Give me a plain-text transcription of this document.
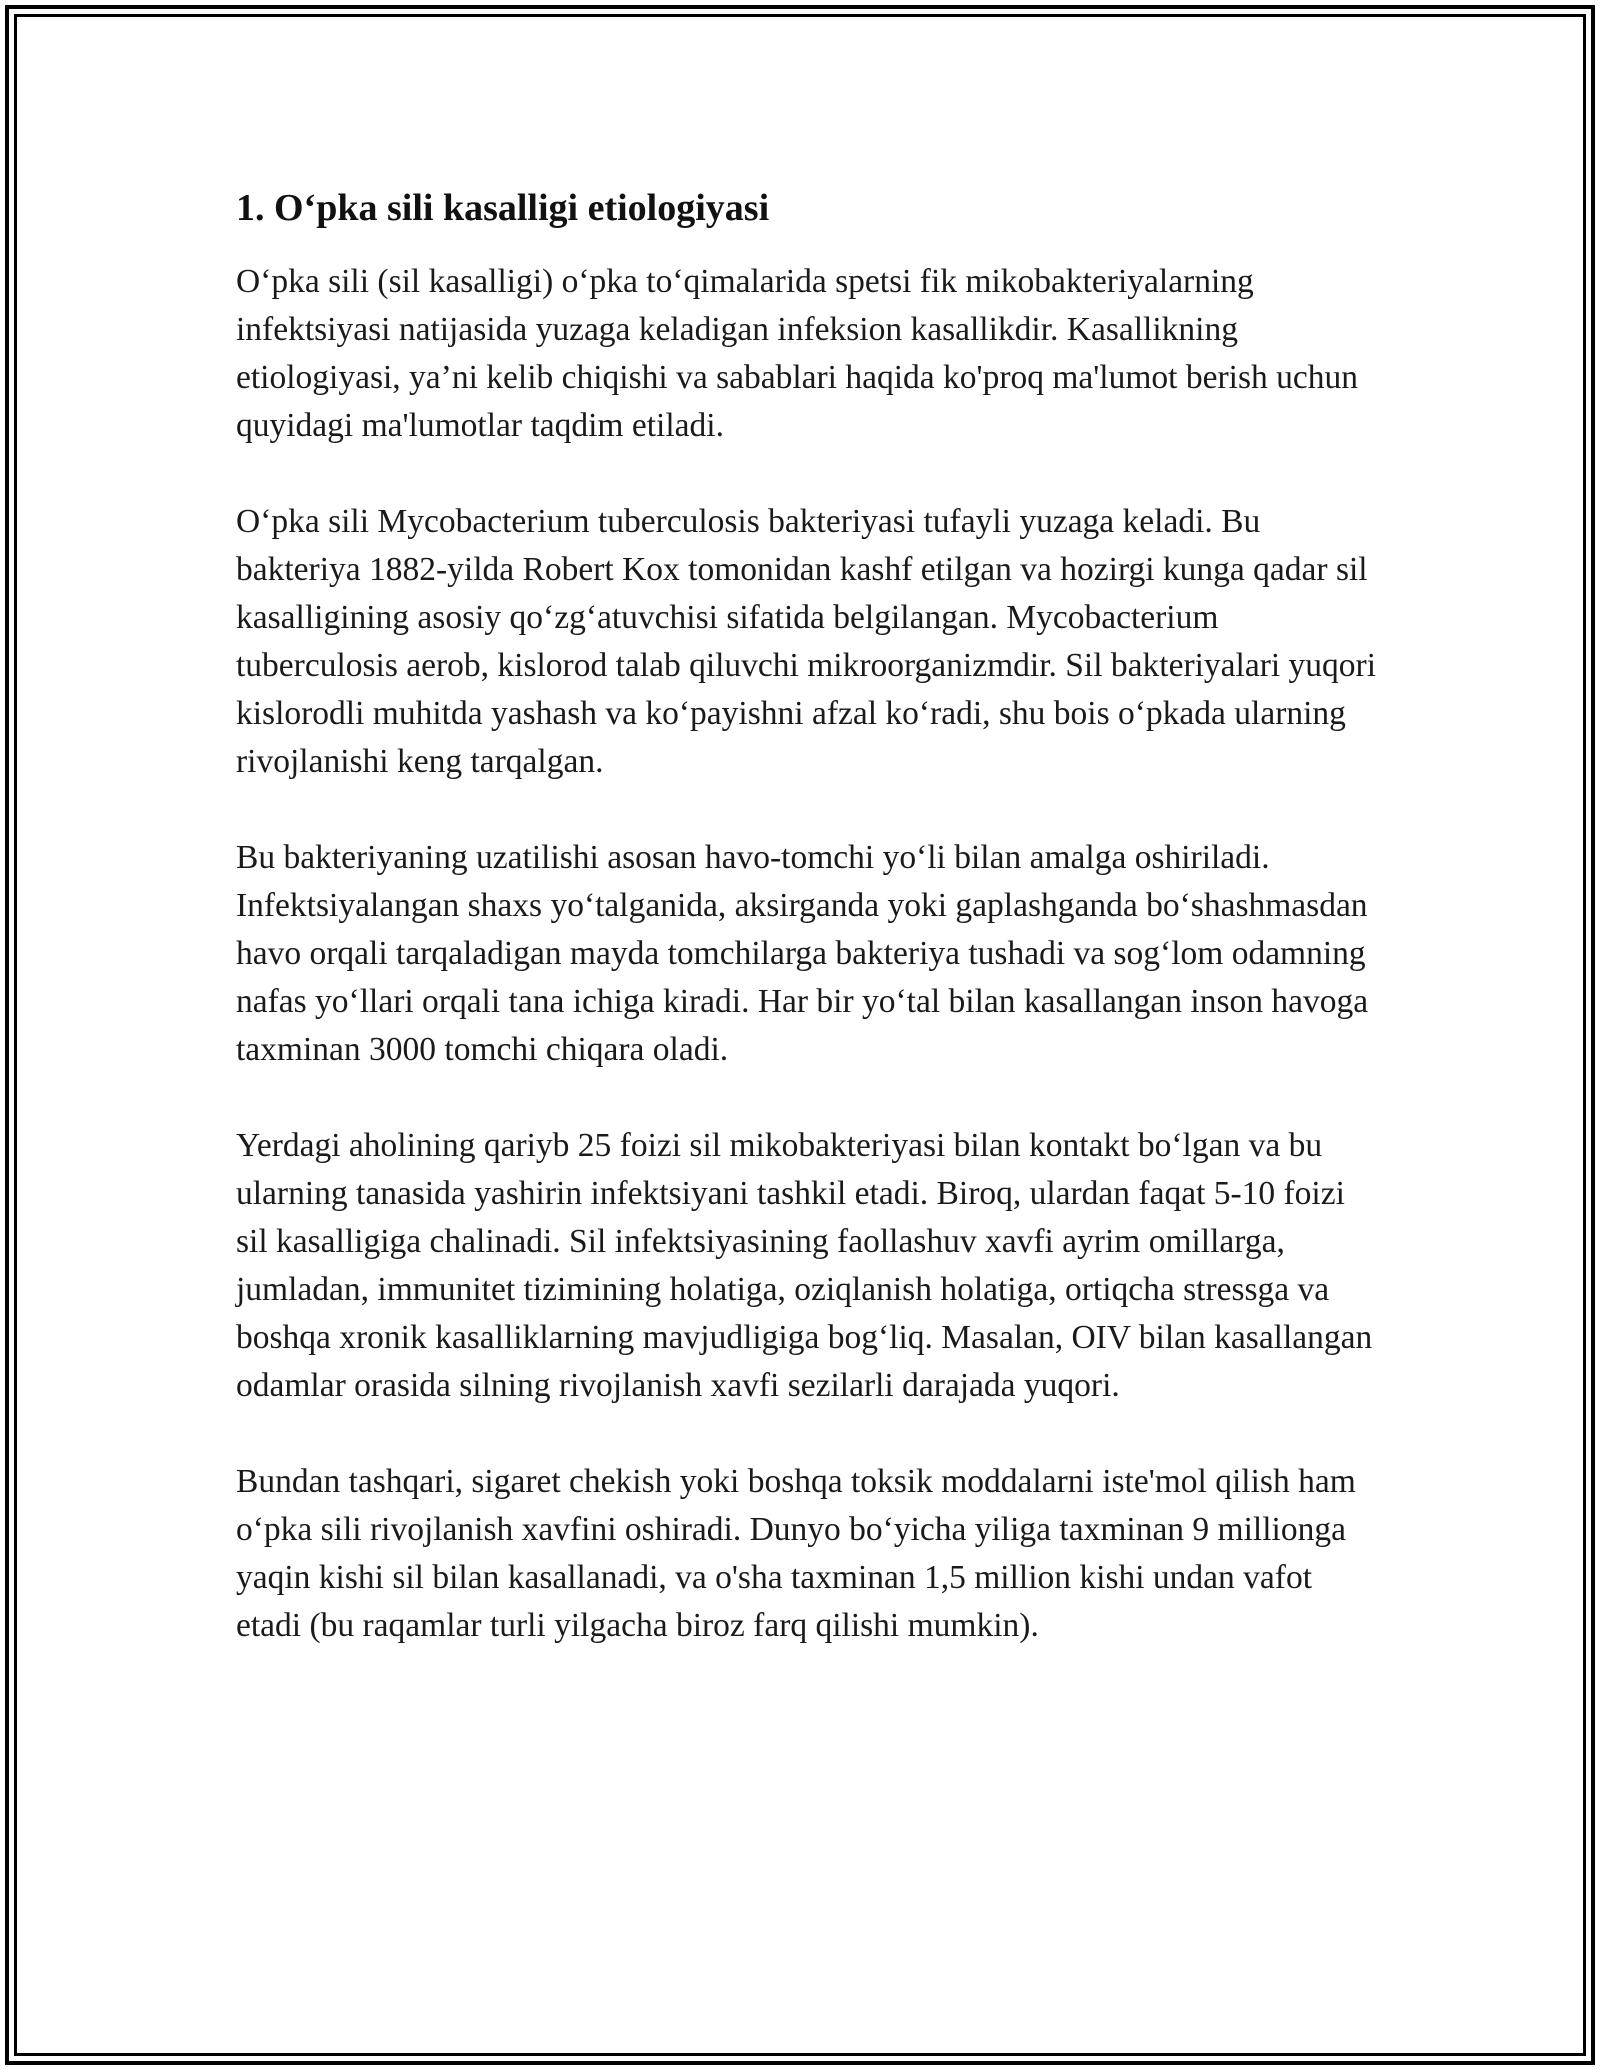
1. O‘pka sili kasalligi etiologiyasi

O‘pka sili (sil kasalligi) o‘pka to‘qimalarida spetsi fik mikobakteriyalarning infektsiyasi natijasida yuzaga keladigan infeksion kasallikdir. Kasallikning etiologiyasi, ya’ni kelib chiqishi va sabablari haqida ko'proq ma'lumot berish uchun quyidagi ma'lumotlar taqdim etiladi.

O‘pka sili Mycobacterium tuberculosis bakteriyasi tufayli yuzaga keladi. Bu bakteriya 1882-yilda Robert Kox tomonidan kashf etilgan va hozirgi kunga qadar sil kasalligining asosiy qo‘zg‘atuvchisi sifatida belgilangan. Mycobacterium tuberculosis aerob, kislorod talab qiluvchi mikroorganizmdir. Sil bakteriyalari yuqori kislorodli muhitda yashash va ko‘payishni afzal ko‘radi, shu bois o‘pkada ularning rivojlanishi keng tarqalgan.

Bu bakteriyaning uzatilishi asosan havo-tomchi yo‘li bilan amalga oshiriladi. Infektsiyalangan shaxs yo‘talganida, aksirganda yoki gaplashganda bo‘shashmasdan havo orqali tarqaladigan mayda tomchilarga bakteriya tushadi va sog‘lom odamning nafas yo‘llari orqali tana ichiga kiradi. Har bir yo‘tal bilan kasallangan inson havoga taxminan 3000 tomchi chiqara oladi.

Yerdagi aholining qariyb 25 foizi sil mikobakteriyasi bilan kontakt bo‘lgan va bu ularning tanasida yashirin infektsiyani tashkil etadi. Biroq, ulardan faqat 5-10 foizi sil kasalligiga chalinadi. Sil infektsiyasining faollashuv xavfi ayrim omillarga, jumladan, immunitet tizimining holatiga, oziqlanish holatiga, ortiqcha stressga va boshqa xronik kasalliklarning mavjudligiga bog‘liq. Masalan, OIV bilan kasallangan odamlar orasida silning rivojlanish xavfi sezilarli darajada yuqori.

Bundan tashqari, sigaret chekish yoki boshqa toksik moddalarni iste'mol qilish ham o‘pka sili rivojlanish xavfini oshiradi. Dunyo bo‘yicha yiliga taxminan 9 millionga yaqin kishi sil bilan kasallanadi, va o'sha taxminan 1,5 million kishi undan vafot etadi (bu raqamlar turli yilgacha biroz farq qilishi mumkin).
